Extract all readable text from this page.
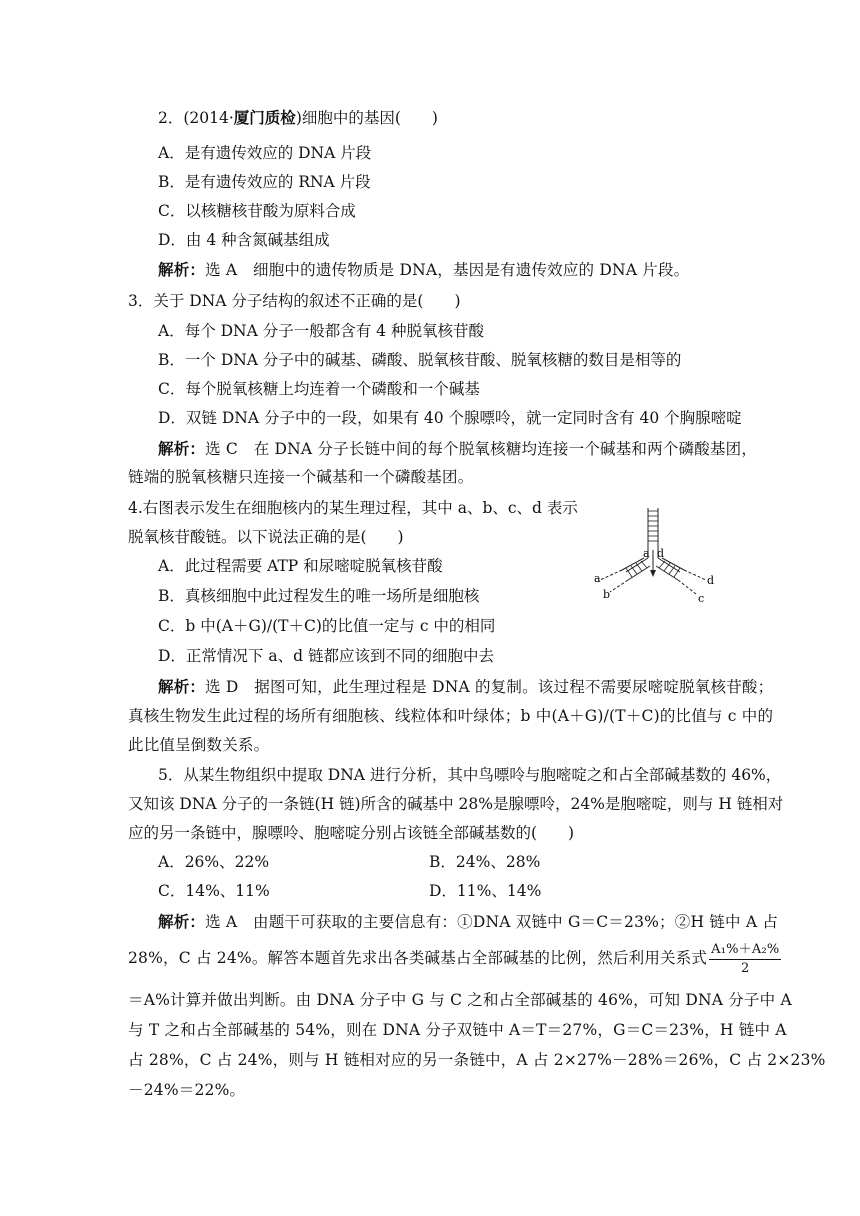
2．(2014·厦门质检)细胞中的基因(　　)
A．是有遗传效应的 DNA 片段
B．是有遗传效应的 RNA 片段
C．以核糖核苷酸为原料合成
D．由 4 种含氮碱基组成
解析：选 A　细胞中的遗传物质是 DNA，基因是有遗传效应的 DNA 片段。
3．关于 DNA 分子结构的叙述不正确的是(　　)
A．每个 DNA 分子一般都含有 4 种脱氧核苷酸
B．一个 DNA 分子中的碱基、磷酸、脱氧核苷酸、脱氧核糖的数目是相等的
C．每个脱氧核糖上均连着一个磷酸和一个碱基
D．双链 DNA 分子中的一段，如果有 40 个腺嘌呤，就一定同时含有 40 个胸腺嘧啶
解析：选 C　在 DNA 分子长链中间的每个脱氧核糖均连接一个碱基和两个磷酸基团，
链端的脱氧核糖只连接一个碱基和一个磷酸基团。
4.右图表示发生在细胞核内的某生理过程，其中 a、b、c、d 表示
脱氧核苷酸链。以下说法正确的是(　　)
A．此过程需要 ATP 和尿嘧啶脱氧核苷酸
B．真核细胞中此过程发生的唯一场所是细胞核
C．b 中(A＋G)/(T＋C)的比值一定与 c 中的相同
D．正常情况下 a、d 链都应该到不同的细胞中去
a d
a
b
d
c
解析：选 D　据图可知，此生理过程是 DNA 的复制。该过程不需要尿嘧啶脱氧核苷酸；
真核生物发生此过程的场所有细胞核、线粒体和叶绿体；b 中(A＋G)/(T＋C)的比值与 c 中的
此比值呈倒数关系。
5．从某生物组织中提取 DNA 进行分析，其中鸟嘌呤与胞嘧啶之和占全部碱基数的 46%，
又知该 DNA 分子的一条链(H 链)所含的碱基中 28%是腺嘌呤，24%是胞嘧啶，则与 H 链相对
应的另一条链中，腺嘌呤、胞嘧啶分别占该链全部碱基数的(　　)
A．26%、22%	B．24%、28%
C．14%、11%	D．11%、14%
解析：选 A　由题干可获取的主要信息有：①DNA 双链中 G＝C＝23%；②H 链中 A 占
28%，C 占 24%。解答本题首先求出各类碱基占全部碱基的比例，然后利用关系式 $\frac{\text{A₁\%＋A₂\%}}{2}$
＝A%计算并做出判断。由 DNA 分子中 G 与 C 之和占全部碱基的 46%，可知 DNA 分子中 A
与 T 之和占全部碱基的 54%，则在 DNA 分子双链中 A＝T＝27%，G＝C＝23%，H 链中 A
占 28%，C 占 24%，则与 H 链相对应的另一条链中，A 占 2×27%－28%＝26%，C 占 2×23%
－24%＝22%。
